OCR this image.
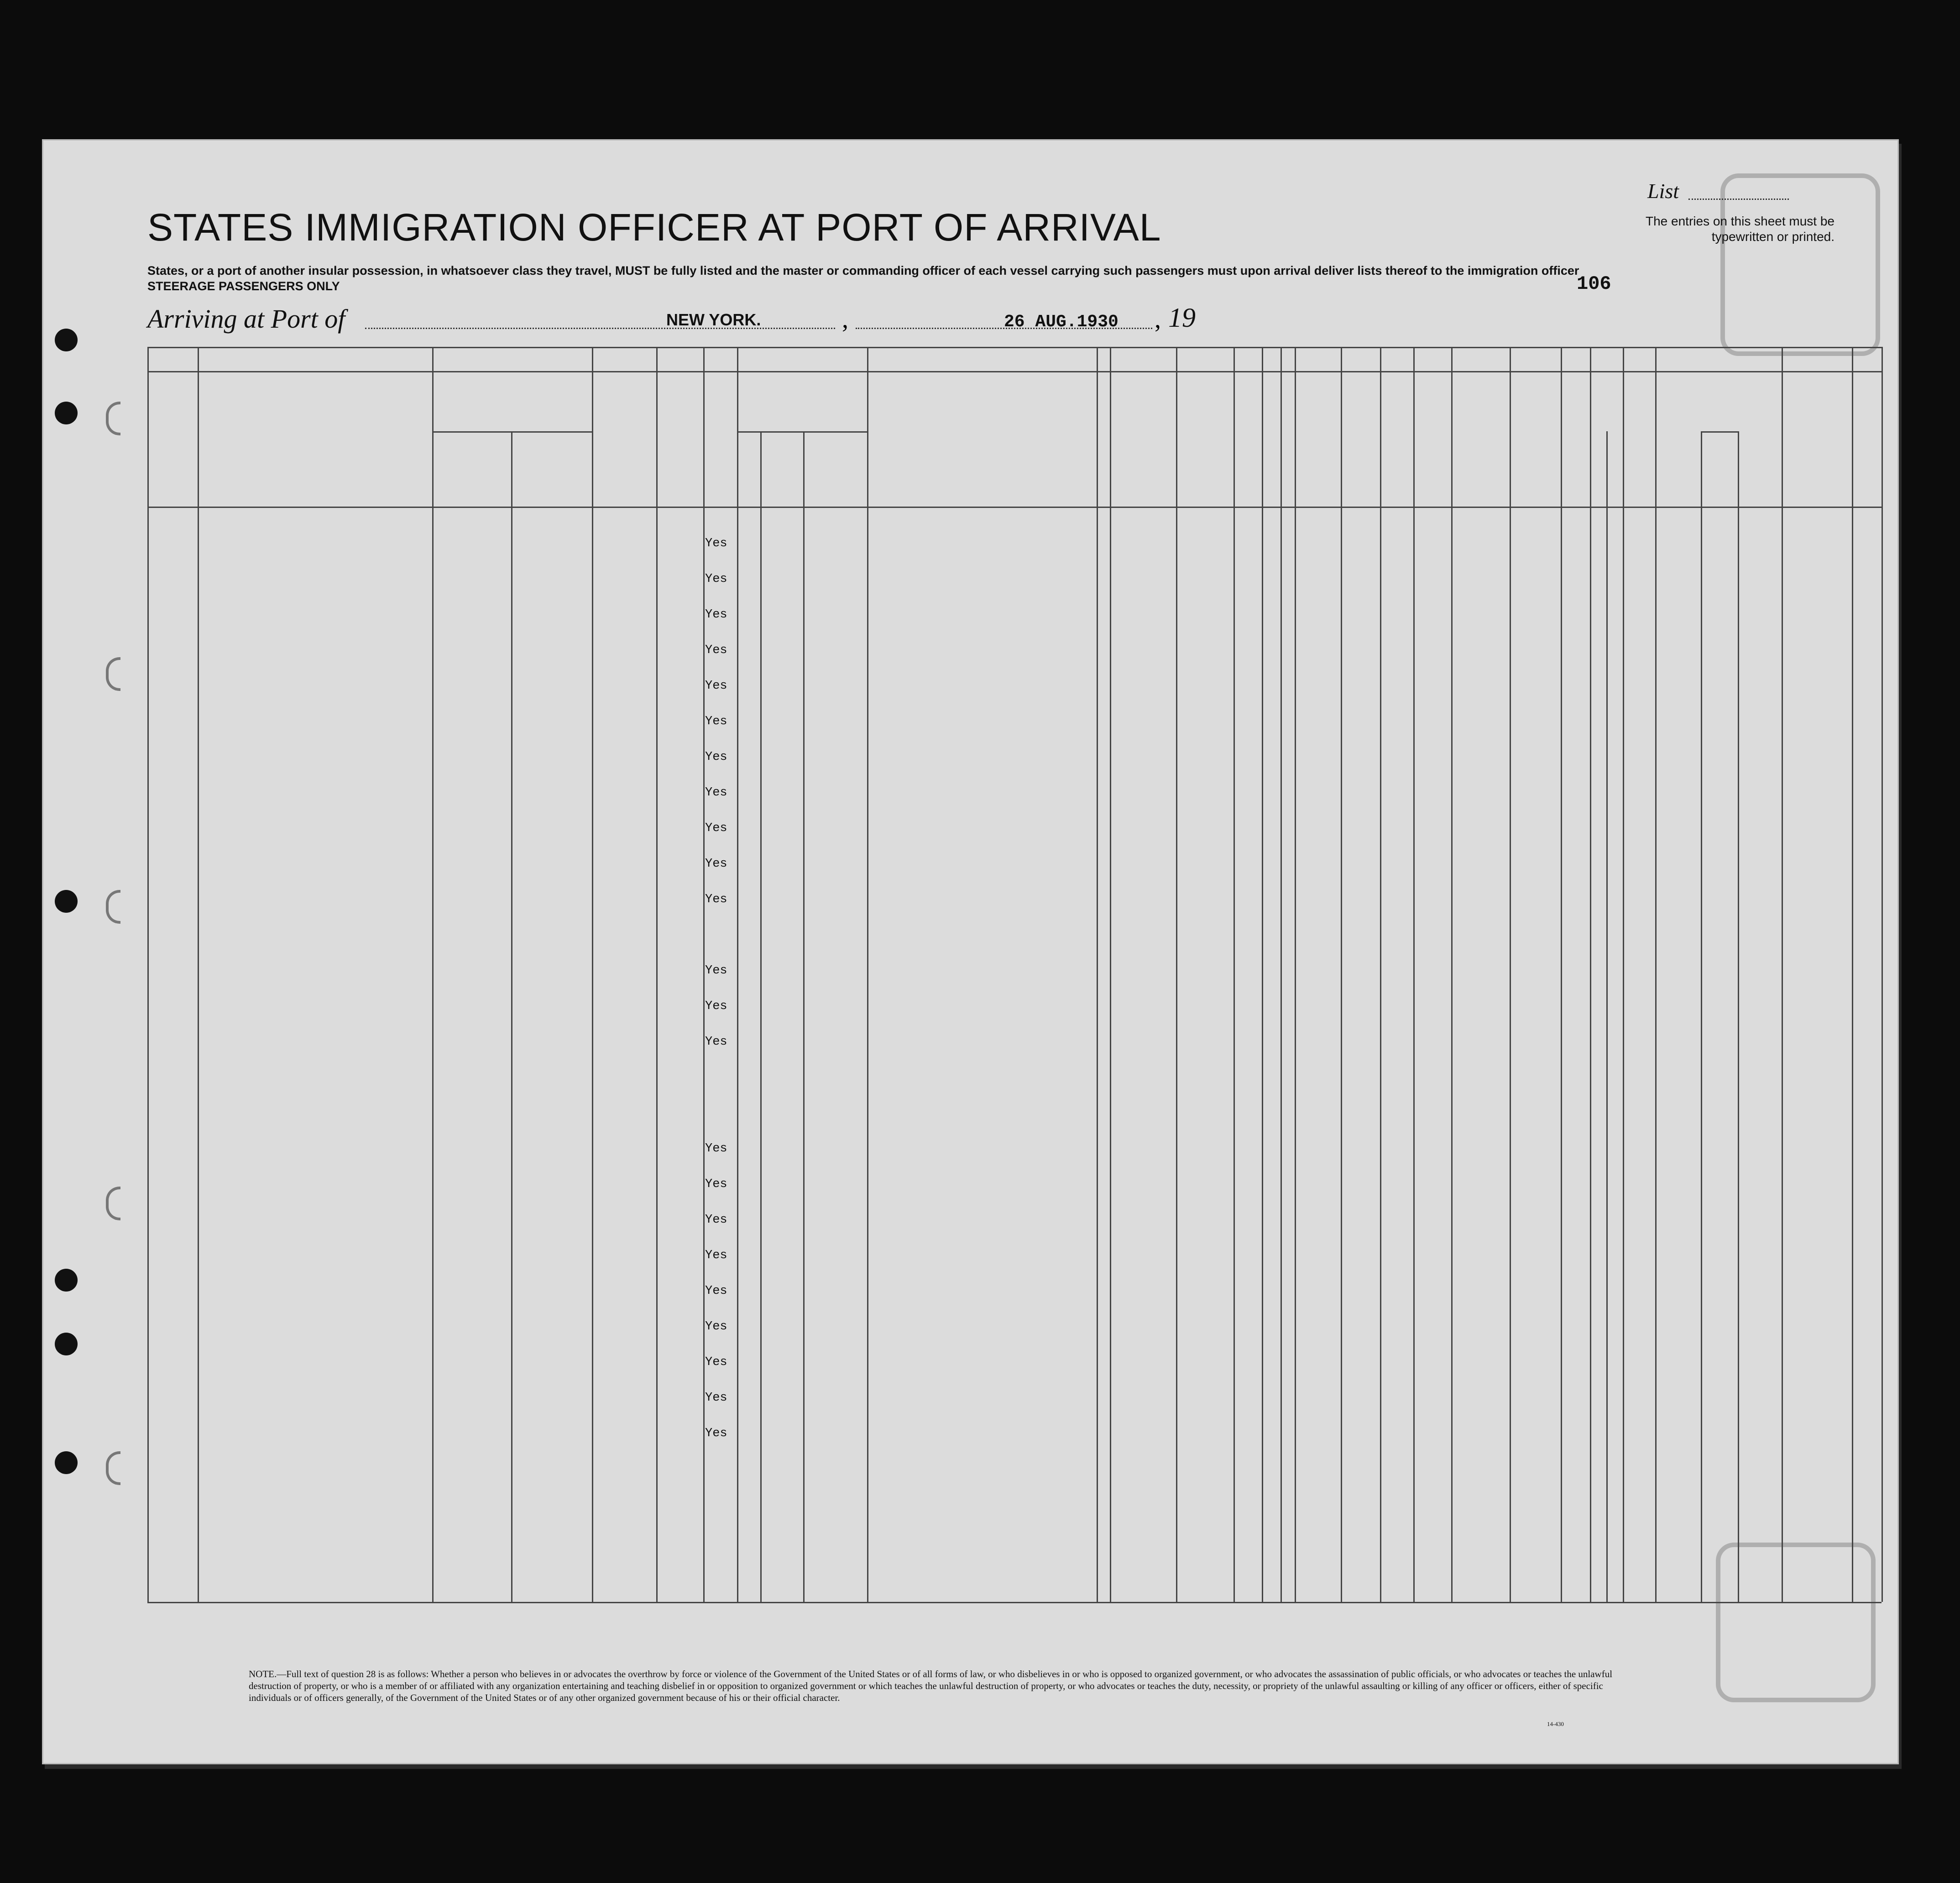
STATES IMMIGRATION OFFICER AT PORT OF ARRIVAL
List
The entries on this sheet must be typewritten or printed.
States, or a port of another insular possession, in whatsoever class they travel, MUST be fully listed and the master or commanding officer of each vessel carrying such passengers must upon arrival deliver lists thereof to the immigration officer
STEERAGE PASSENGERS ONLY	106
Arriving at Port of	NEW YORK.	,	26 AUG.1930 , 19
Yes
Yes
Yes
Yes
Yes
Yes
Yes
Yes
Yes
Yes
Yes
Yes
Yes
Yes
Yes
Yes
Yes
Yes
Yes
Yes
Yes
Yes
Yes
NOTE.—Full text of question 28 is as follows: Whether a person who believes in or advocates the overthrow by force or violence of the Government of the United States or of all forms of law, or who disbelieves in or who is opposed to organized government, or who advocates the assassination of public officials, or who advocates or teaches the unlawful destruction of property, or who is a member of or affiliated with any organization entertaining and teaching disbelief in or opposition to organized government or which teaches the unlawful destruction of property, or who advocates or teaches the duty, necessity, or propriety of the unlawful assaulting or killing of any officer or officers, either of specific individuals or of officers generally, of the Government of the United States or of any other organized government because of his or their official character.
14-430
